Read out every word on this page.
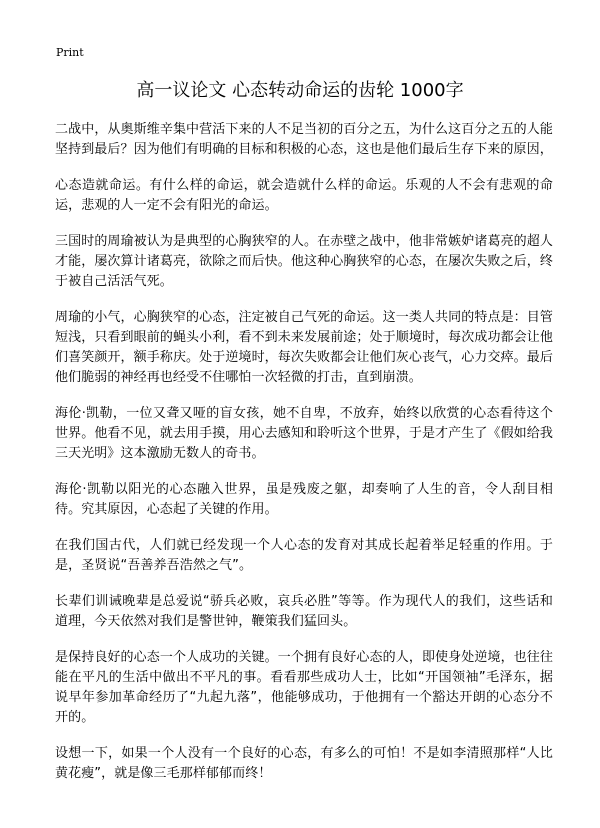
Print
高一议论文 心态转动命运的齿轮 1000字

二战中，从奥斯维辛集中营活下来的人不足当初的百分之五，为什么这百分之五的人能坚持到最后？因为他们有明确的目标和积极的心态，这也是他们最后生存下来的原因，

心态造就命运。有什么样的命运，就会造就什么样的命运。乐观的人不会有悲观的命运，悲观的人一定不会有阳光的命运。

三国时的周瑜被认为是典型的心胸狭窄的人。在赤壁之战中，他非常嫉妒诸葛亮的超人才能，屡次算计诸葛亮，欲除之而后快。他这种心胸狭窄的心态，在屡次失败之后，终于被自己活活气死。

周瑜的小气，心胸狭窄的心态，注定被自己气死的命运。这一类人共同的特点是：目管短浅，只看到眼前的蝇头小利，看不到未来发展前途；处于顺境时，每次成功都会让他们喜笑颜开，额手称庆。处于逆境时，每次失败都会让他们灰心丧气，心力交瘁。最后他们脆弱的神经再也经受不住哪怕一次轻微的打击，直到崩溃。

海伦·凯勒，一位又聋又哑的盲女孩，她不自卑，不放弃，始终以欣赏的心态看待这个世界。他看不见，就去用手摸，用心去感知和聆听这个世界，于是才产生了《假如给我三天光明》这本激励无数人的奇书。

海伦·凯勒以阳光的心态融入世界，虽是残废之躯，却奏响了人生的音，令人刮目相待。究其原因，心态起了关键的作用。

在我们国古代，人们就已经发现一个人心态的发育对其成长起着举足轻重的作用。于是，圣贤说“吾善养吾浩然之气”。

长辈们训诫晚辈是总爱说“骄兵必败，哀兵必胜”等等。作为现代人的我们，这些话和道理，今天依然对我们是警世钟，鞭策我们猛回头。

是保持良好的心态一个人成功的关键。一个拥有良好心态的人，即使身处逆境，也往往能在平凡的生活中做出不平凡的事。看看那些成功人士，比如“开国领袖”毛泽东，据说早年参加革命经历了“九起九落”，他能够成功，于他拥有一个豁达开朗的心态分不开的。

设想一下，如果一个人没有一个良好的心态，有多么的可怕！不是如李清照那样“人比黄花瘦”，就是像三毛那样郁郁而终！
